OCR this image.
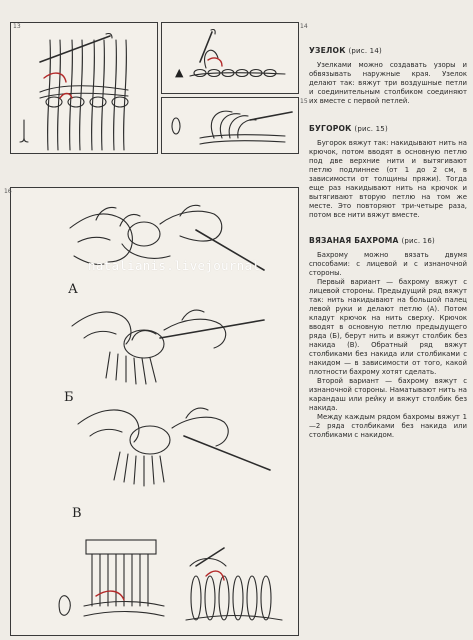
13	14
15
16
▲
А
Б
В
natalianis.livejournal
УЗЕЛОК (рис. 14)

Узелками можно создавать узоры и обвязывать наружные края. Узелок делают так: вяжут три воздушные петли и соединительным столбиком соединяют их вместе с первой петлей.

БУГОРОК (рис. 15)

Бугорок вяжут так: накидывают нить на крючок, потом вводят в основную петлю под две верхние нити и вытягивают петлю подлиннее (от 1 до 2 см, в зависимости от толщины пряжи). Тогда еще раз накидывают нить на крючок и вытягивают вторую петлю на том же месте. Это повторяют три-четыре раза, потом все нити вяжут вместе.

ВЯЗАНАЯ БАХРОМА (рис. 16)

Бахрому можно вязать двумя способами: с лицевой и с изнаночной стороны.

Первый вариант — бахрому вяжут с лицевой стороны. Предыдущий ряд вяжут так: нить накидывают на большой палец левой руки и делают петлю (А). Потом кладут крючок на нить сверху. Крючок вводят в основную петлю предыдущего ряда (Б), берут нить и вяжут столбик без накида (В). Обратный ряд вяжут столбиками без накида или столбиками с накидом — в зависимости от того, какой плотности бахрому хотят сделать.

Второй вариант — бахрому вяжут с изнаночной стороны. Наматывают нить на карандаш или рейку и вяжут столбик без накида.

Между каждым рядом бахромы вяжут 1—2 ряда столбиками без накида или столбиками с накидом.
